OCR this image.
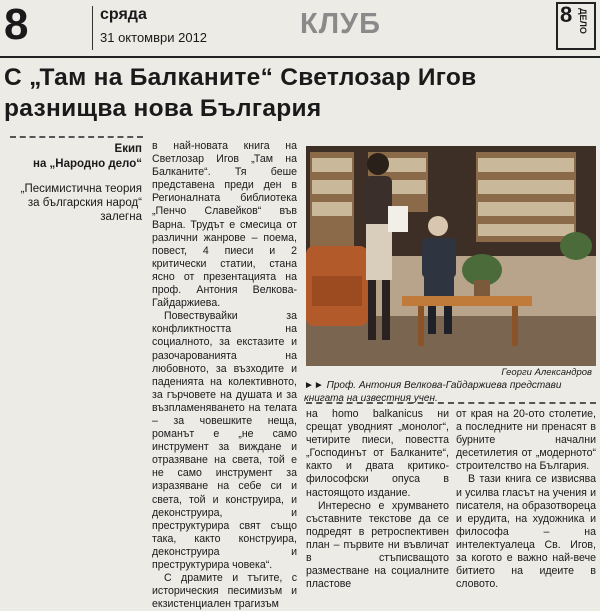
8	сряда
31 октомври 2012	КЛУБ	8 ДЕЛО
С „Там на Балканите“ Светлозар Игов разнищва нова България
Екип
на „Народно дело“
„Песимистична теория за българския народ“ залегна

в най-новата книга на Светлозар Игов „Там на Балканите“. Тя беше представена преди ден в Регионалната библиотека „Пенчо Славейков“ във Варна. Трудът е смесица от различни жанрове – поема, повест, 4 пиеси и 2 критически статии, стана ясно от презентацията на проф. Антония Велкова-Гайдаржиева.

Повествувайки за конфликтността на социалното, за екстазите и разочарованията на любовното, за възходите и паденията на колективното, за гърчовете на душата и за възпламеняването на телата – за човешките неща, романът е „не само инструмент за виждане и отразяване на света, той е не само инструмент за изразяване на себе си и света, той и конструира, и деконструира, и преструктурира свят също така, както конструира, деконструира и преструктурира човека“.

С драмите и тъгите, с историческия песимизъм и екзистенциален трагизъм

Георги Александров
►► Проф. Антония Велкова-Гайдаржиева представи книгата на известния учен.

на homo balkanicus ни срещат уводният „монолог“, четирите пиеси, повестта „Господинът от Балканите“, както и двата критико-философски опуса в настоящото издание.

Интересно е хрумването съставните текстове да се подредят в ретроспективен план – първите ни въвличат в стъписващото разместване на социалните пластове

от края на 20-ото столетие, а последните ни пренасят в бурните начални десетилетия от „модерното“ строителство на България.

В тази книга се извисява и усилва гласът на учения и писателя, на образотвореца и ерудита, на художника и философа – на интелектуалеца Св. Игов, за когото е важно най-вече битието на идеите в словото.
